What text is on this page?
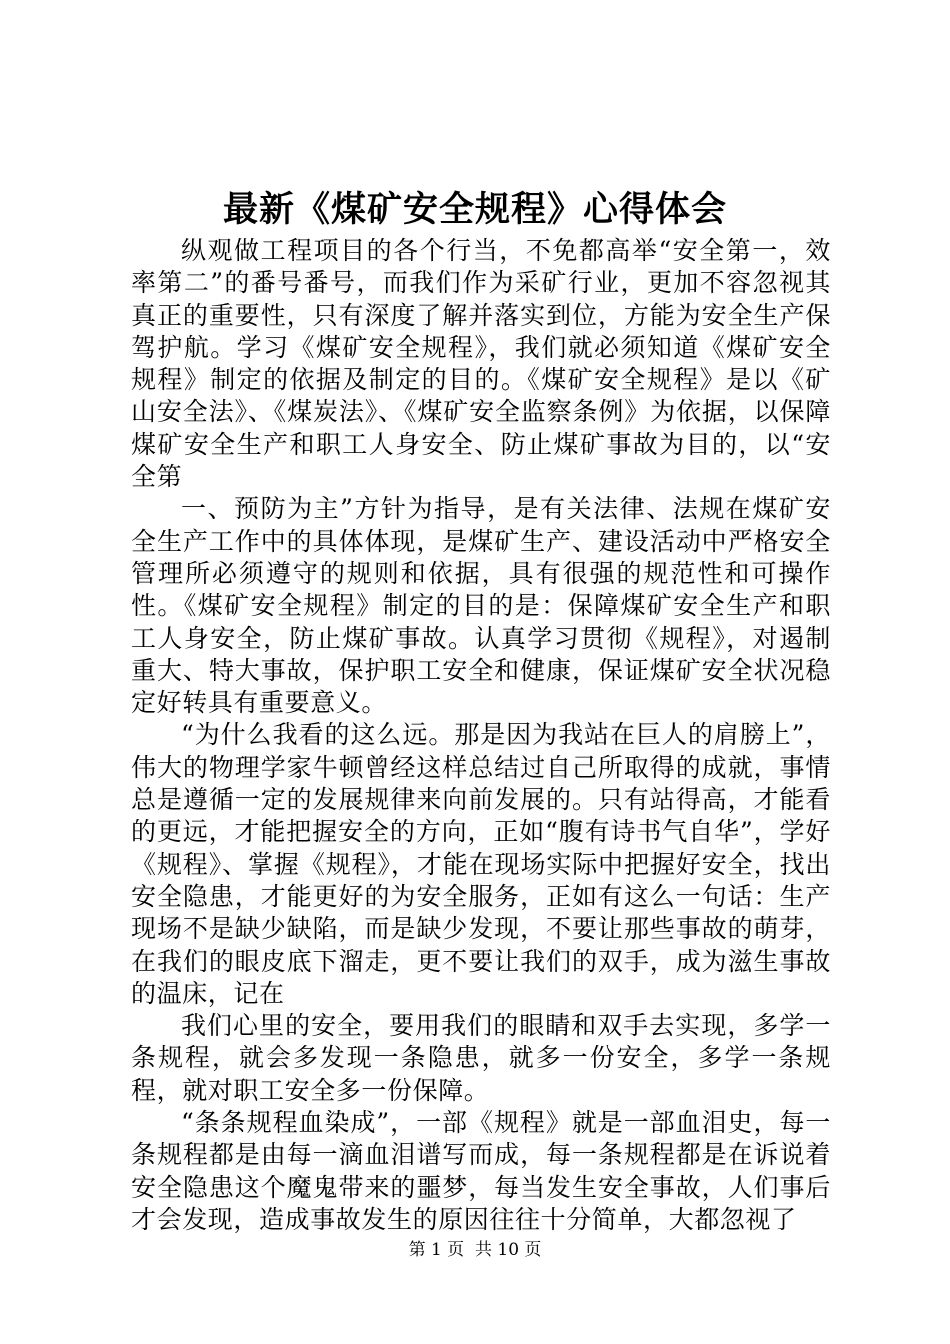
最新《煤矿安全规程》心得体会

纵观做工程项目的各个行当，不免都高举“安全第一，效率第二”的番号番号，而我们作为采矿行业，更加不容忽视其真正的重要性，只有深度了解并落实到位，方能为安全生产保驾护航。学习《煤矿安全规程》，我们就必须知道《煤矿安全规程》制定的依据及制定的目的。《煤矿安全规程》是以《矿山安全法》、《煤炭法》、《煤矿安全监察条例》为依据，以保障煤矿安全生产和职工人身安全、防止煤矿事故为目的，以“安全第

一、预防为主”方针为指导，是有关法律、法规在煤矿安全生产工作中的具体体现，是煤矿生产、建设活动中严格安全管理所必须遵守的规则和依据，具有很强的规范性和可操作性。《煤矿安全规程》制定的目的是：保障煤矿安全生产和职工人身安全，防止煤矿事故。认真学习贯彻《规程》，对遏制重大、特大事故，保护职工安全和健康，保证煤矿安全状况稳定好转具有重要意义。

“为什么我看的这么远。那是因为我站在巨人的肩膀上”，伟大的物理学家牛顿曾经这样总结过自己所取得的成就，事情总是遵循一定的发展规律来向前发展的。只有站得高，才能看的更远，才能把握安全的方向，正如“腹有诗书气自华”，学好《规程》、掌握《规程》，才能在现场实际中把握好安全，找出安全隐患，才能更好的为安全服务，正如有这么一句话：生产现场不是缺少缺陷，而是缺少发现，不要让那些事故的萌芽，在我们的眼皮底下溜走，更不要让我们的双手，成为滋生事故的温床，记在

我们心里的安全，要用我们的眼睛和双手去实现，多学一条规程，就会多发现一条隐患，就多一份安全，多学一条规程，就对职工安全多一份保障。

“条条规程血染成”，一部《规程》就是一部血泪史，每一条规程都是由每一滴血泪谱写而成，每一条规程都是在诉说着安全隐患这个魔鬼带来的噩梦，每当发生安全事故，人们事后才会发现，造成事故发生的原因往往十分简单，大都忽视了

第 1 页  共 10 页
